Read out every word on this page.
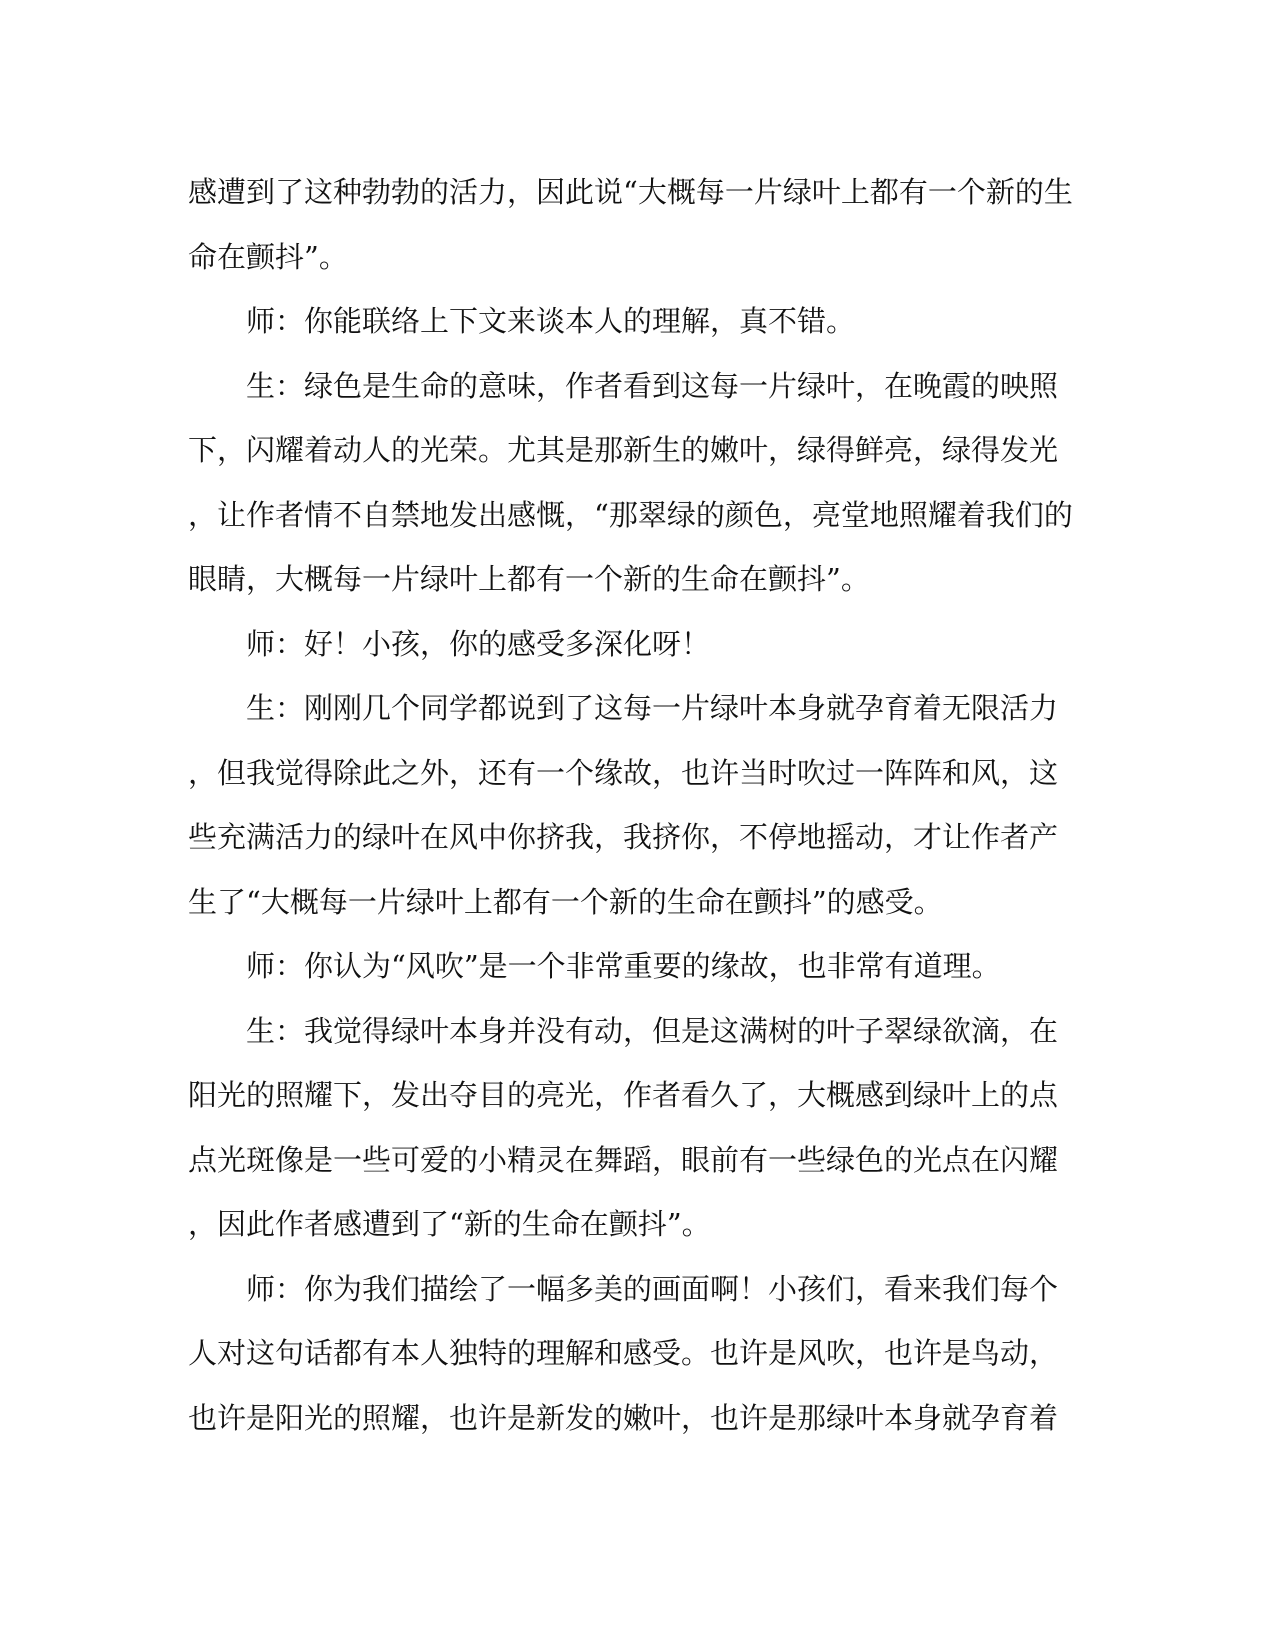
感遭到了这种勃勃的活力，因此说“大概每一片绿叶上都有一个新的生
命在颤抖”。
师：你能联络上下文来谈本人的理解，真不错。
生：绿色是生命的意味，作者看到这每一片绿叶，在晚霞的映照
下，闪耀着动人的光荣。尤其是那新生的嫩叶，绿得鲜亮，绿得发光
，让作者情不自禁地发出感慨，“那翠绿的颜色，亮堂地照耀着我们的
眼睛，大概每一片绿叶上都有一个新的生命在颤抖”。
师：好！小孩，你的感受多深化呀！
生：刚刚几个同学都说到了这每一片绿叶本身就孕育着无限活力
，但我觉得除此之外，还有一个缘故，也许当时吹过一阵阵和风，这
些充满活力的绿叶在风中你挤我，我挤你，不停地摇动，才让作者产
生了“大概每一片绿叶上都有一个新的生命在颤抖”的感受。
师：你认为“风吹”是一个非常重要的缘故，也非常有道理。
生：我觉得绿叶本身并没有动，但是这满树的叶子翠绿欲滴，在
阳光的照耀下，发出夺目的亮光，作者看久了，大概感到绿叶上的点
点光斑像是一些可爱的小精灵在舞蹈，眼前有一些绿色的光点在闪耀
，因此作者感遭到了“新的生命在颤抖”。
师：你为我们描绘了一幅多美的画面啊！小孩们，看来我们每个
人对这句话都有本人独特的理解和感受。也许是风吹，也许是鸟动，
也许是阳光的照耀，也许是新发的嫩叶，也许是那绿叶本身就孕育着
